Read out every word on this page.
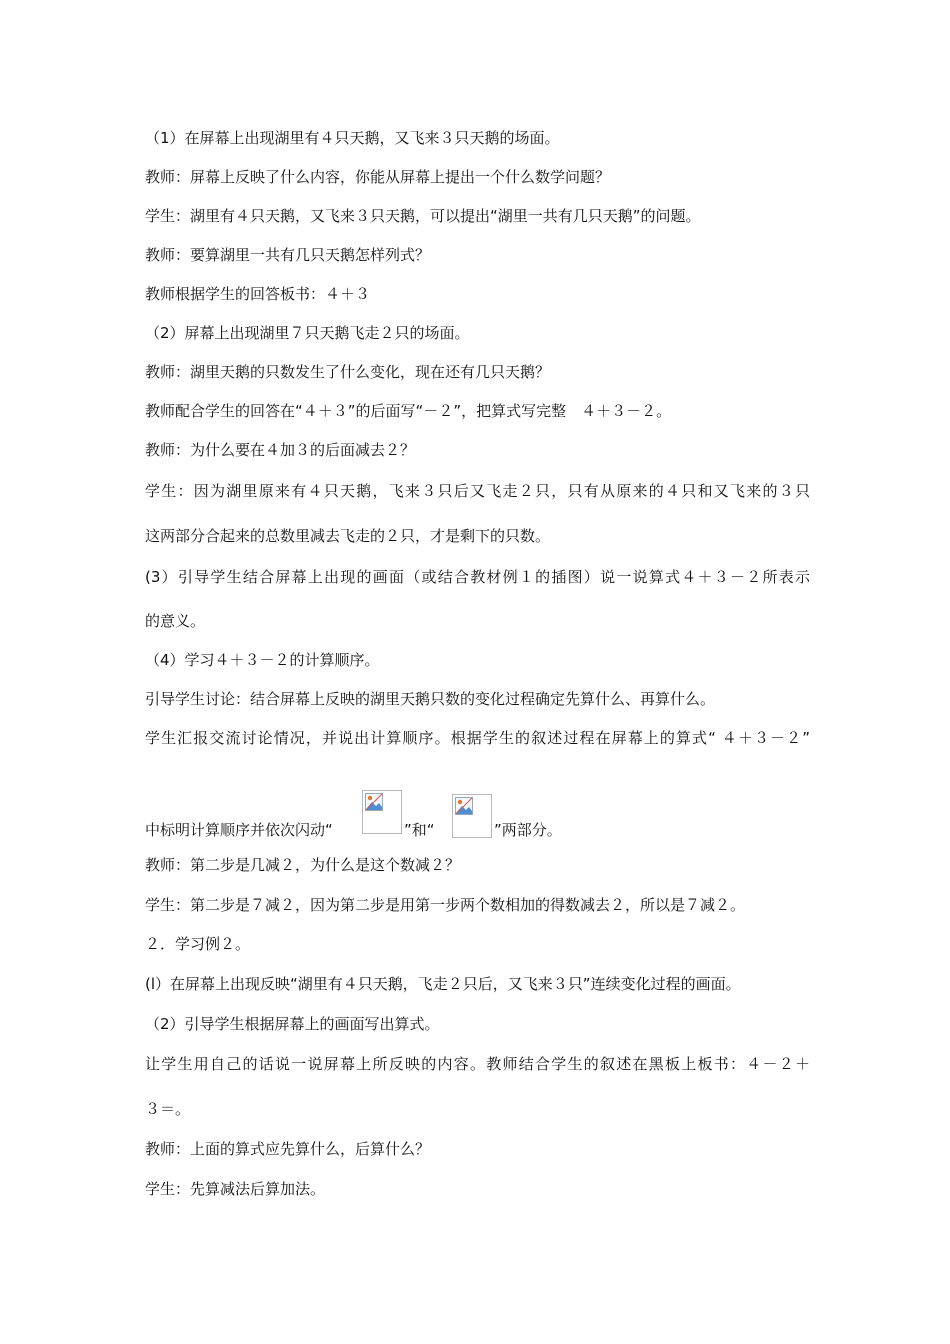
（1）在屏幕上出现湖里有４只天鹅，又飞来３只天鹅的场面。
教师：屏幕上反映了什么内容，你能从屏幕上提出一个什么数学问题？
学生：湖里有４只天鹅，又飞来３只天鹅，可以提出“湖里一共有几只天鹅”的问题。
教师：要算湖里一共有几只天鹅怎样列式？
教师根据学生的回答板书：４＋３
（2）屏幕上出现湖里７只天鹅飞走２只的场面。
教师：湖里天鹅的只数发生了什么变化，现在还有几只天鹅？
教师配合学生的回答在“４＋３”的后面写“－２”，把算式写完整　４＋３－２。
教师：为什么要在４加３的后面减去２？
学生：因为湖里原来有４只天鹅，飞来３只后又飞走２只，只有从原来的４只和又飞来的３只
这两部分合起来的总数里减去飞走的２只，才是剩下的只数。
(3）引导学生结合屏幕上出现的画面（或结合教材例１的插图）说一说算式４＋３－２所表示
的意义。
（4）学习４＋３－２的计算顺序。
引导学生讨论：结合屏幕上反映的湖里天鹅只数的变化过程确定先算什么、再算什么。
学生汇报交流讨论情况，并说出计算顺序。根据学生的叙述过程在屏幕上的算式“ ４＋３－２”
中标明计算顺序并依次闪动“	”和“	”两部分。
教师：第二步是几减２，为什么是这个数减２？
学生：第二步是７减２，因为第二步是用第一步两个数相加的得数减去２，所以是７减２。
２．学习例２。
(l）在屏幕上出现反映“湖里有４只天鹅，飞走２只后，又飞来３只”连续变化过程的画面。
（2）引导学生根据屏幕上的画面写出算式。
让学生用自己的话说一说屏幕上所反映的内容。教师结合学生的叙述在黑板上板书：４－２＋
３＝。
教师：上面的算式应先算什么，后算什么？
学生：先算减法后算加法。
